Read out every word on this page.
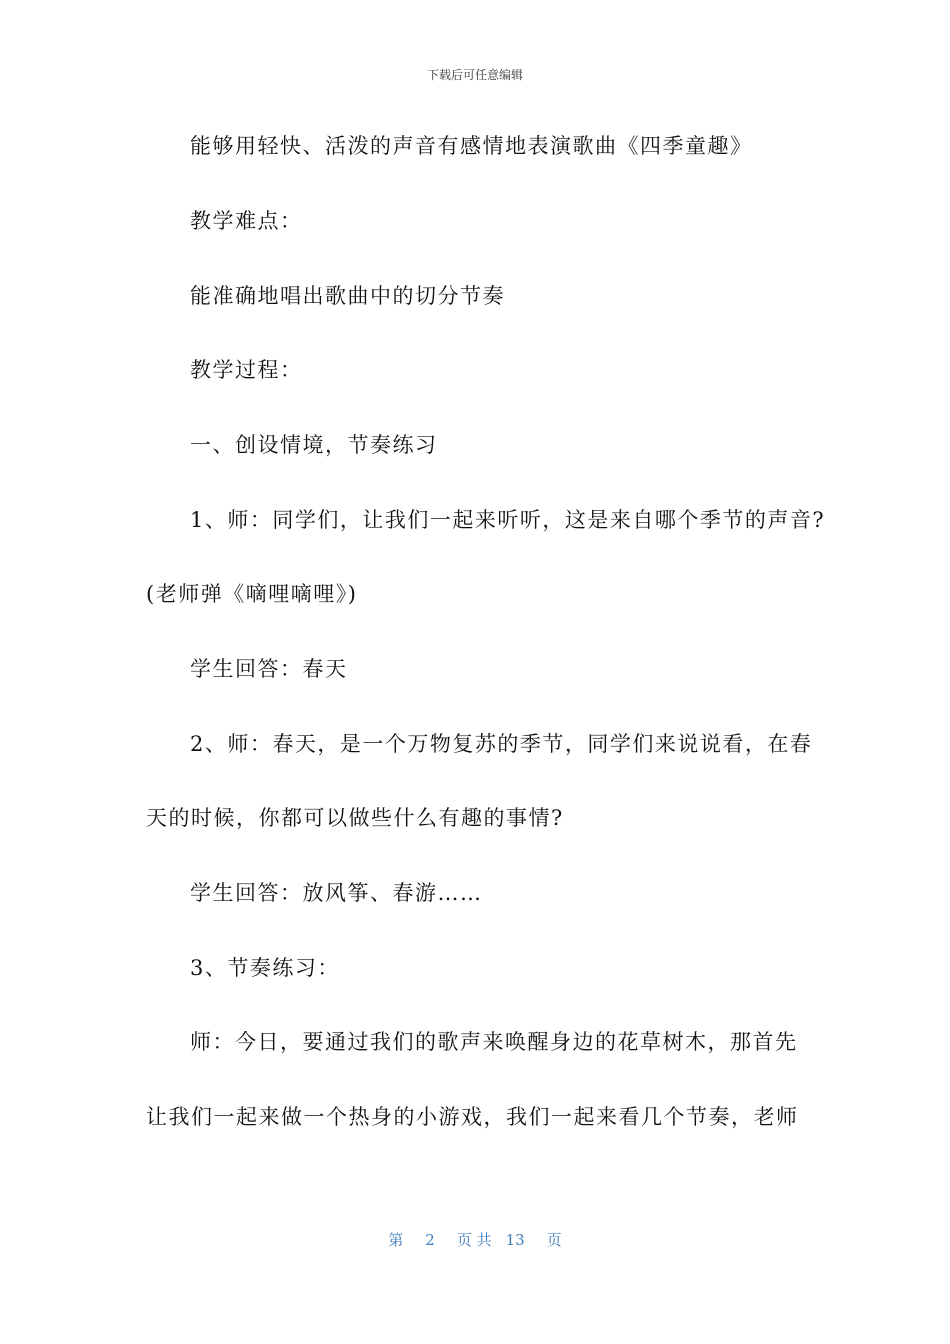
下载后可任意编辑
能够用轻快、活泼的声音有感情地表演歌曲《四季童趣》
教学难点：
能准确地唱出歌曲中的切分节奏
教学过程：
一、创设情境，节奏练习
1、师：同学们，让我们一起来听听，这是来自哪个季节的声音?
(老师弹《嘀哩嘀哩》)
学生回答：春天
2、师：春天，是一个万物复苏的季节，同学们来说说看，在春
天的时候，你都可以做些什么有趣的事情?
学生回答：放风筝、春游……
3、节奏练习：
师：今日，要通过我们的歌声来唤醒身边的花草树木，那首先
让我们一起来做一个热身的小游戏，我们一起来看几个节奏，老师
第 2 页 共 13 页
